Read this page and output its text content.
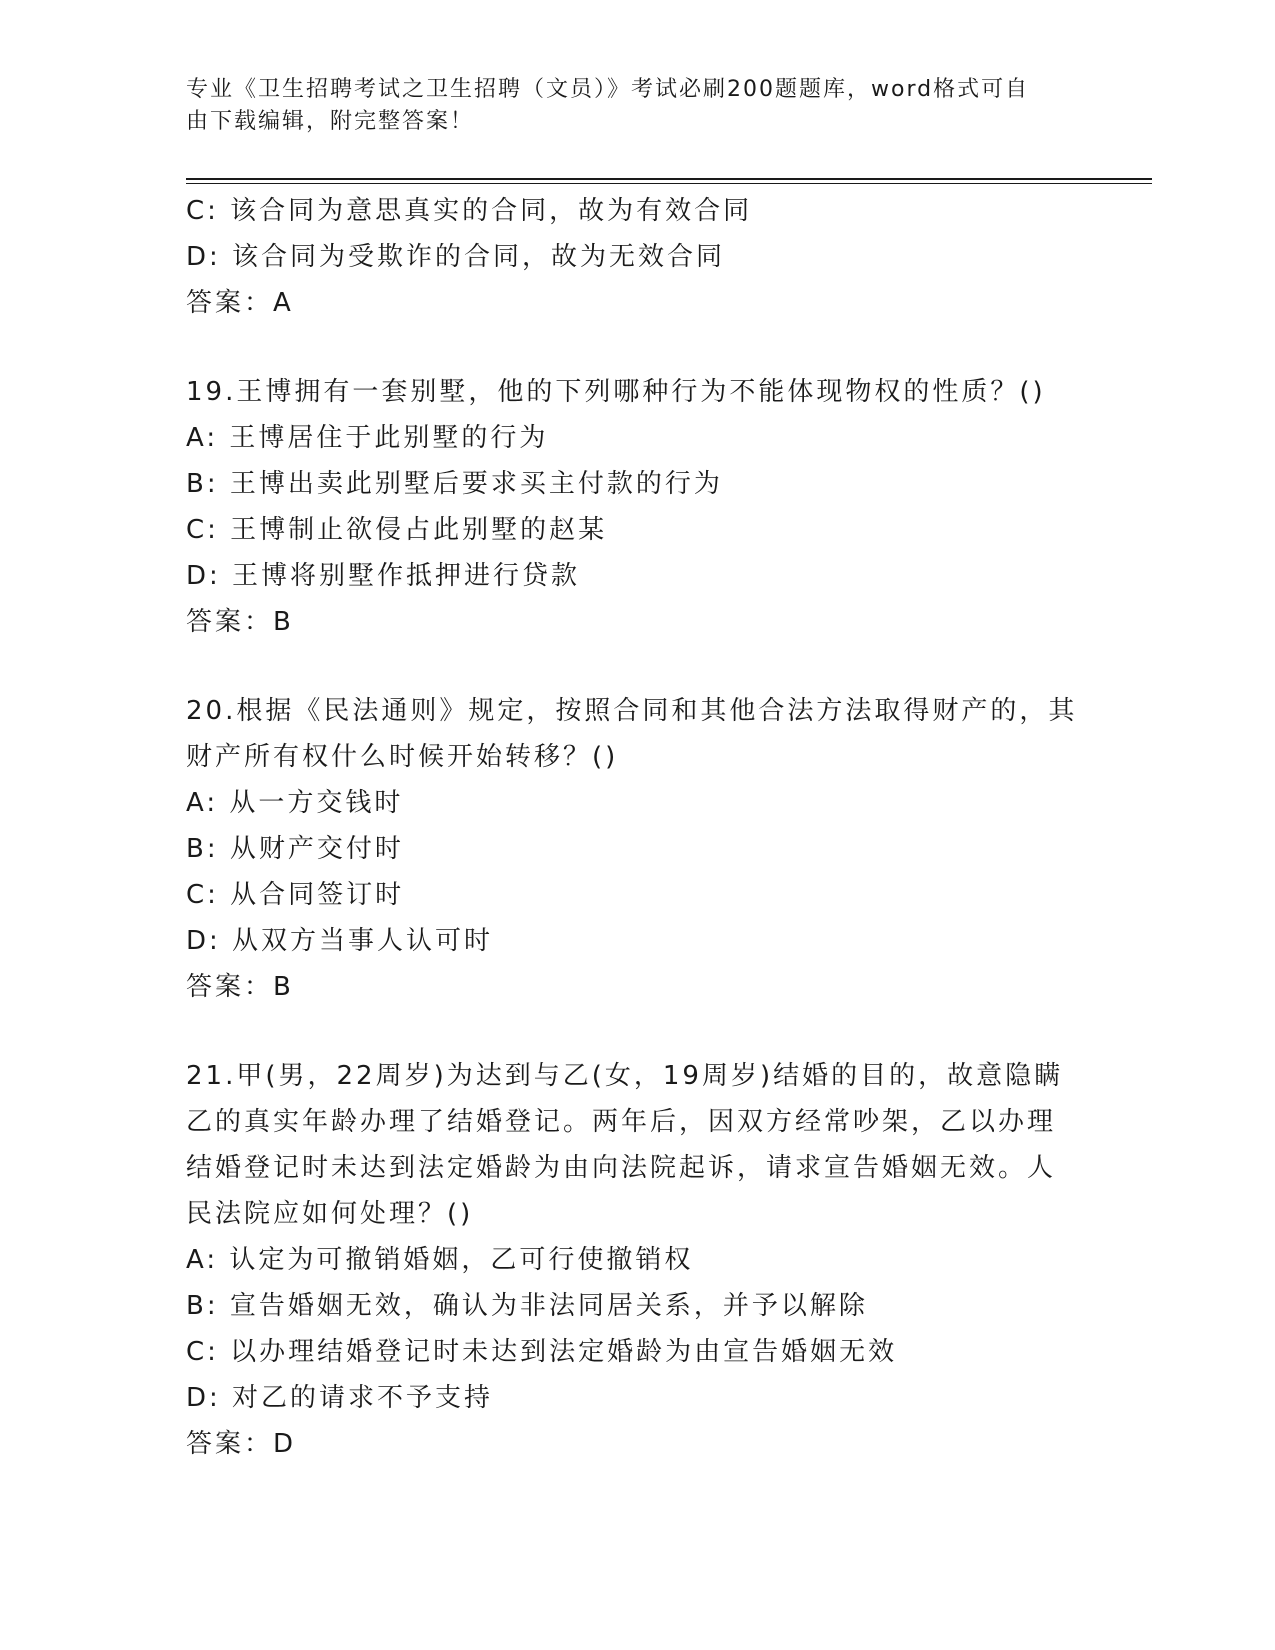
专业《卫生招聘考试之卫生招聘（文员）》考试必刷200题题库，word格式可自
由下载编辑，附完整答案！
C: 该合同为意思真实的合同，故为有效合同
D: 该合同为受欺诈的合同，故为无效合同
答案：A
19.王博拥有一套别墅，他的下列哪种行为不能体现物权的性质？()
A: 王博居住于此别墅的行为
B: 王博出卖此别墅后要求买主付款的行为
C: 王博制止欲侵占此别墅的赵某
D: 王博将别墅作抵押进行贷款
答案：B
20.根据《民法通则》规定，按照合同和其他合法方法取得财产的，其
财产所有权什么时候开始转移？()
A: 从一方交钱时
B: 从财产交付时
C: 从合同签订时
D: 从双方当事人认可时
答案：B
21.甲(男，22周岁)为达到与乙(女，19周岁)结婚的目的，故意隐瞒
乙的真实年龄办理了结婚登记。两年后，因双方经常吵架，乙以办理
结婚登记时未达到法定婚龄为由向法院起诉，请求宣告婚姻无效。人
民法院应如何处理？()
A: 认定为可撤销婚姻，乙可行使撤销权
B: 宣告婚姻无效，确认为非法同居关系，并予以解除
C: 以办理结婚登记时未达到法定婚龄为由宣告婚姻无效
D: 对乙的请求不予支持
答案：D
